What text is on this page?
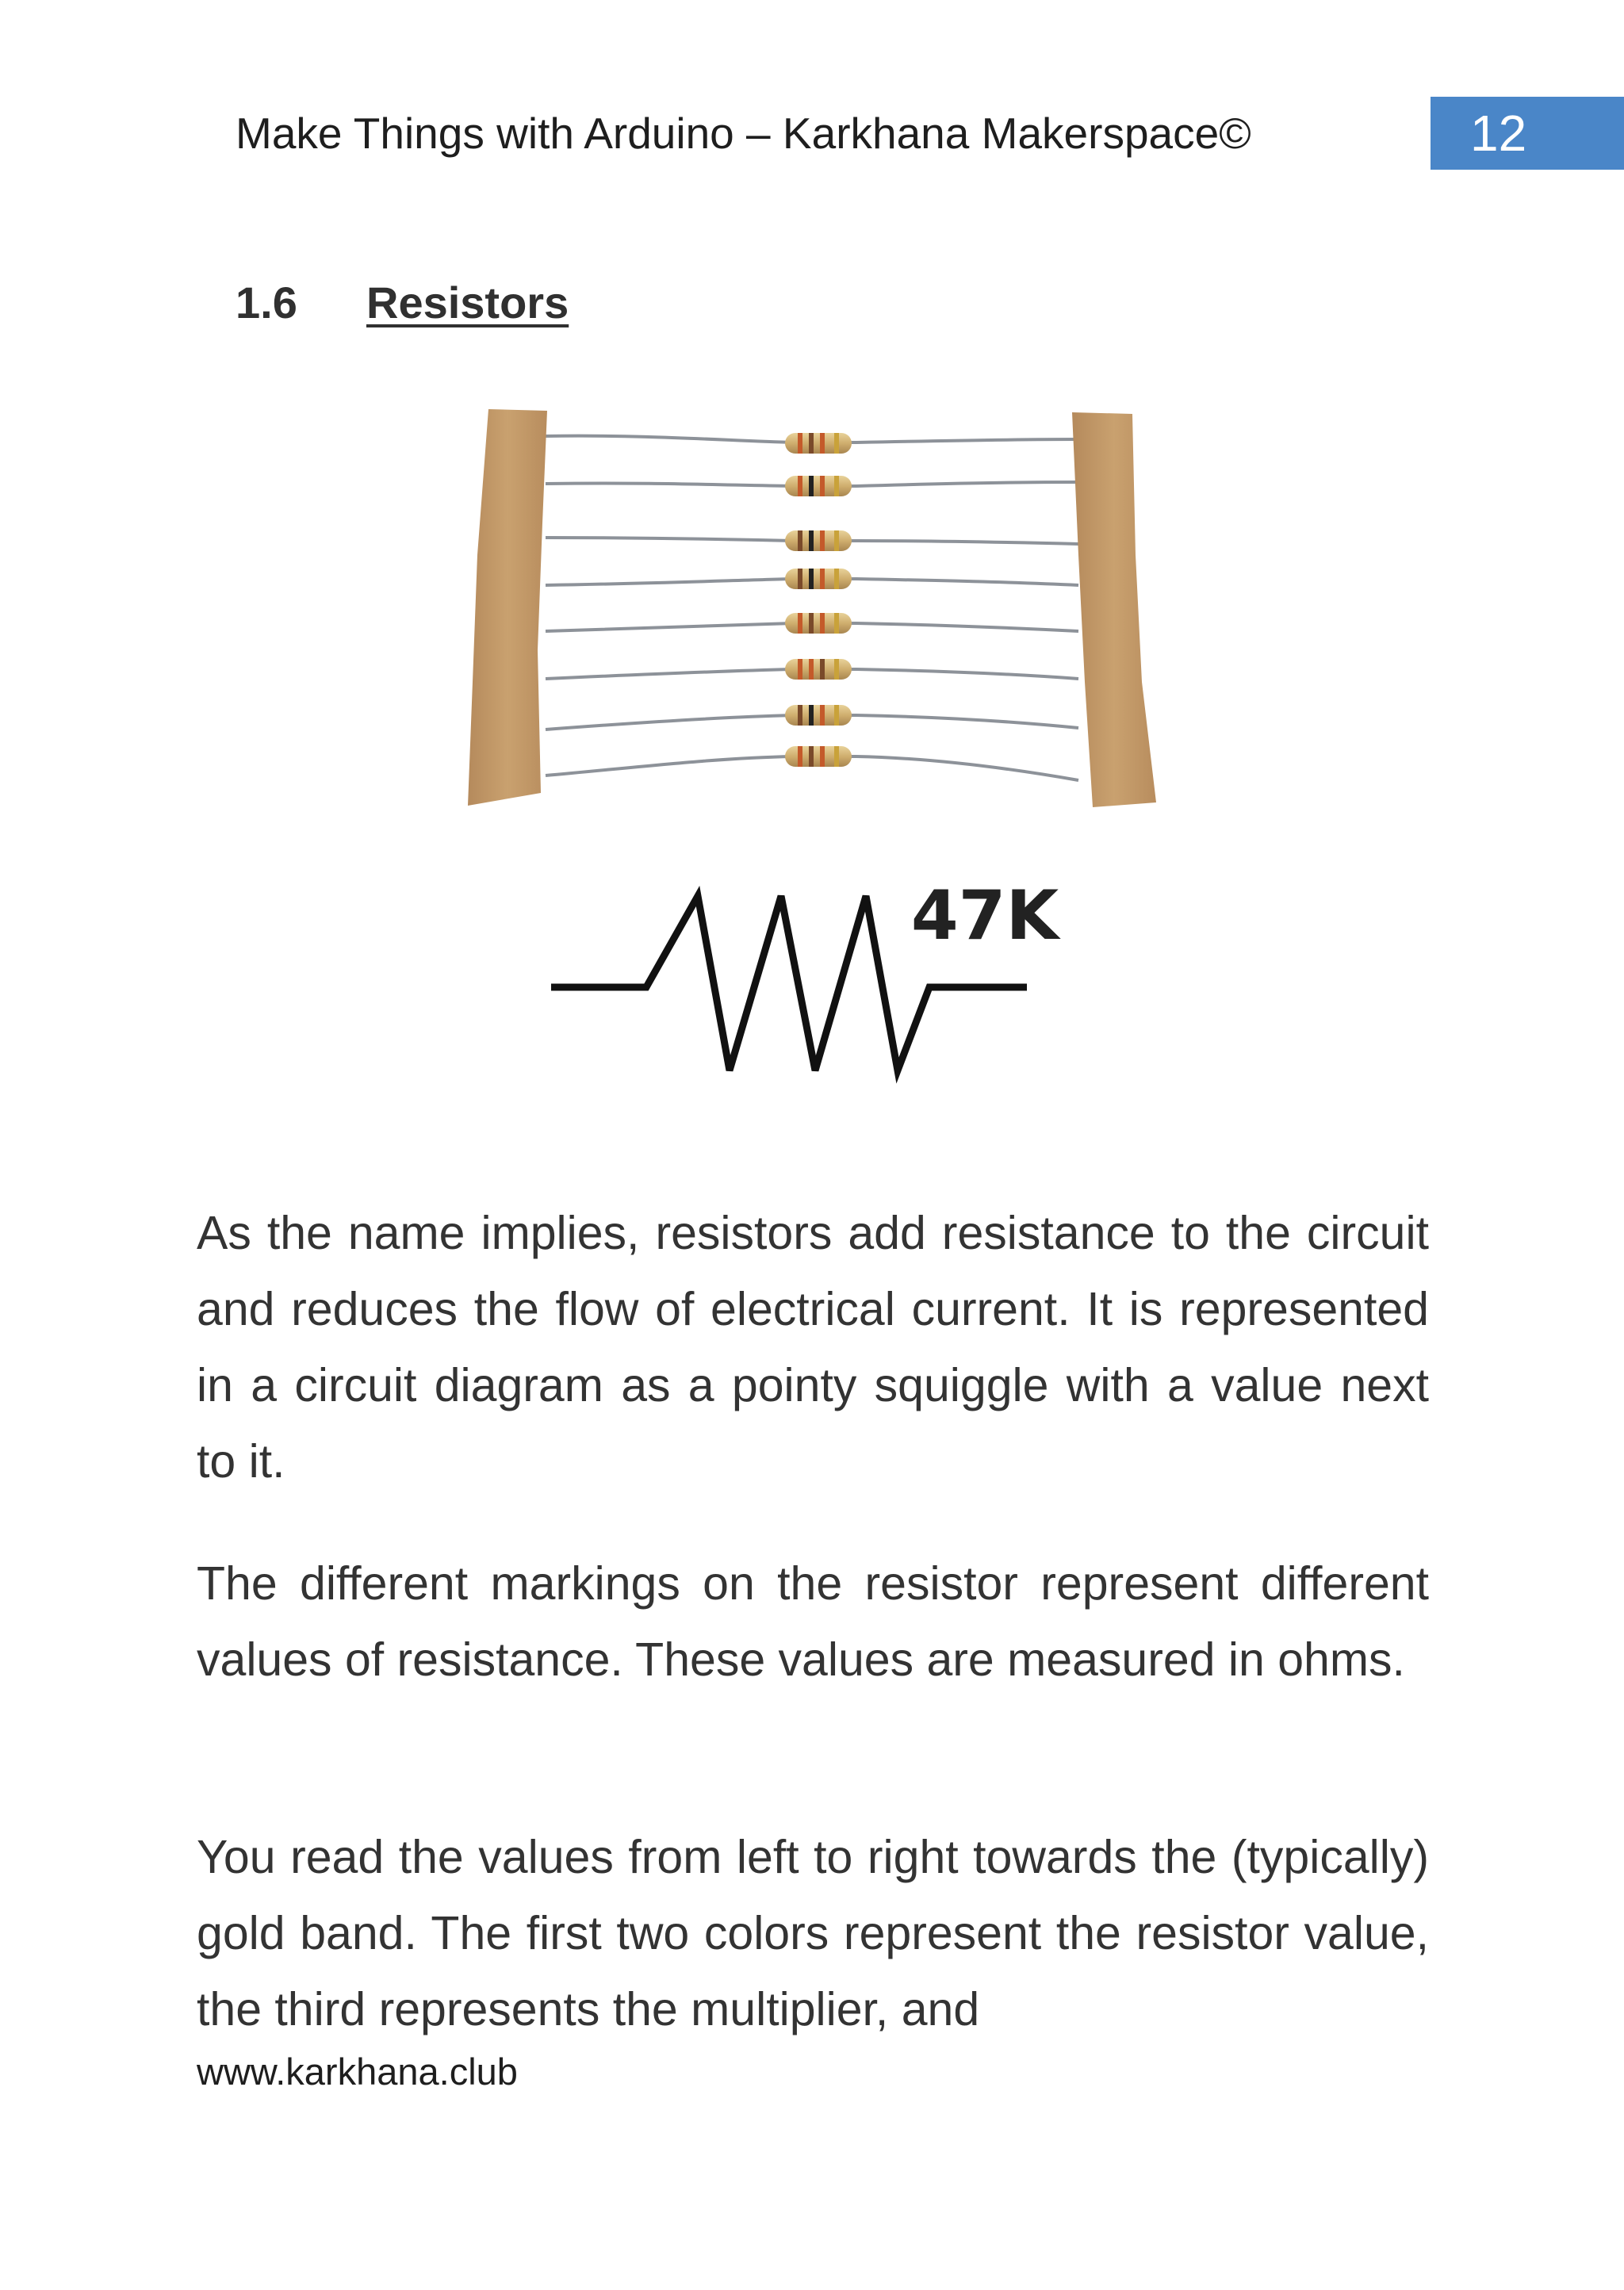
Make Things with Arduino – Karkhana Makerspace©	12
1.6 Resistors
47K

As the name implies, resistors add resistance to the circuit and reduces the flow of electrical current. It is represented in a circuit diagram as a pointy squiggle with a value next to it.

The different markings on the resistor represent different values of resistance. These values are measured in ohms.

You read the values from left to right towards the (typically) gold band. The first two colors represent the resistor value, the third represents the multiplier, and

www.karkhana.club
